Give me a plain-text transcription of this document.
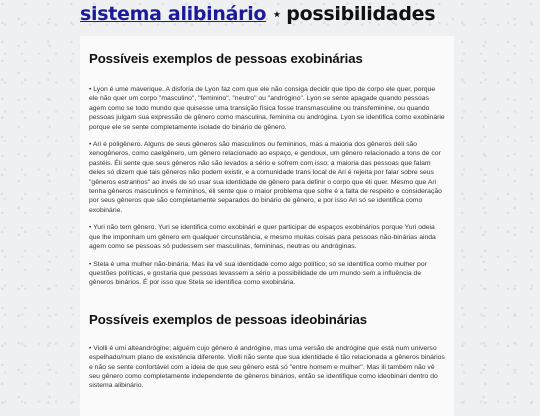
sistema alibinário ⋆ possibilidades
Possíveis exemplos de pessoas exobinárias

• Lyon é ume maverique. A disforia de Lyon faz com que ele não consiga decidir que tipo de corpo ele quer, porque ele não quer um corpo "masculino", "feminino", "neutro" ou "andrógino". Lyon se sente apagade quando pessoas agem como se todo mundo que quisesse uma transição física fosse transmasculine ou transfeminine, ou quando pessoas julgam sua expressão de gênero como masculina, feminina ou andrógina. Lyon se identifica como exobinárie porque ele se sente completamente isolade do binário de gênero.

• Ari é poligênero. Alguns de seus gêneros são masculinos ou femininos, mas a maioria dos gêneros déli são xenogêneros, como caelgênero, um gênero relacionado ao espaço, e gendoux, um gênero relacionado a tons de cor pastéis. Éli sente que seus gêneros não são levados a sério e sofrem com isso; a maioria das pessoas que falam deles só dizem que tais gêneros não podem existir, e a comunidade trans local de Ari é rejeita por falar sobre seus "gêneros estranhos" ao invés de só usar sua identidade de gênero para definir o corpo que éli quer. Mesmo que Ari tenha gêneros masculinos e femininos, éli sente que o maior problema que sofre é a falta de respeito e consideração por seus gêneros que são completamente separados do binário de gênero, e por isso Ari só se identifica como exobinárie.

• Yuri não tem gênero. Yuri se identifica como exobinári e quer participar de espaços exobinários porque Yuri odeia que lhe imponham um gênero em qualquer circunstância, e mesmo muitas coisas para pessoas não-binárias ainda agem como se pessoas só pudessem ser masculinas, femininas, neutras ou andróginas.

• Stela é uma mulher não-binária. Mas ila vê sua identidade como algo político; só se identifica como mulher por questões políticas, e gostaria que pessoas levassem a sério a possibilidade de um mundo sem a influência de gêneros binários. É por isso que Stela se identifica como exobinária.

Possíveis exemplos de pessoas ideobinárias

• Violli é umi alteandrógine; alguém cujo gênero é andrógine, mas uma versão de andrógine que está num universo espelhado/num plano de existência diferente. Violli não sente que sua identidade é tão relacionada a gêneros binários e não se sente confortável com a ideia de que seu gênero está só "entre homem e mulher". Mas ili também não vê seu gênero como completamente independente de gêneros binários, então se identifique como ideobinári dentro do sistema alibinário.
